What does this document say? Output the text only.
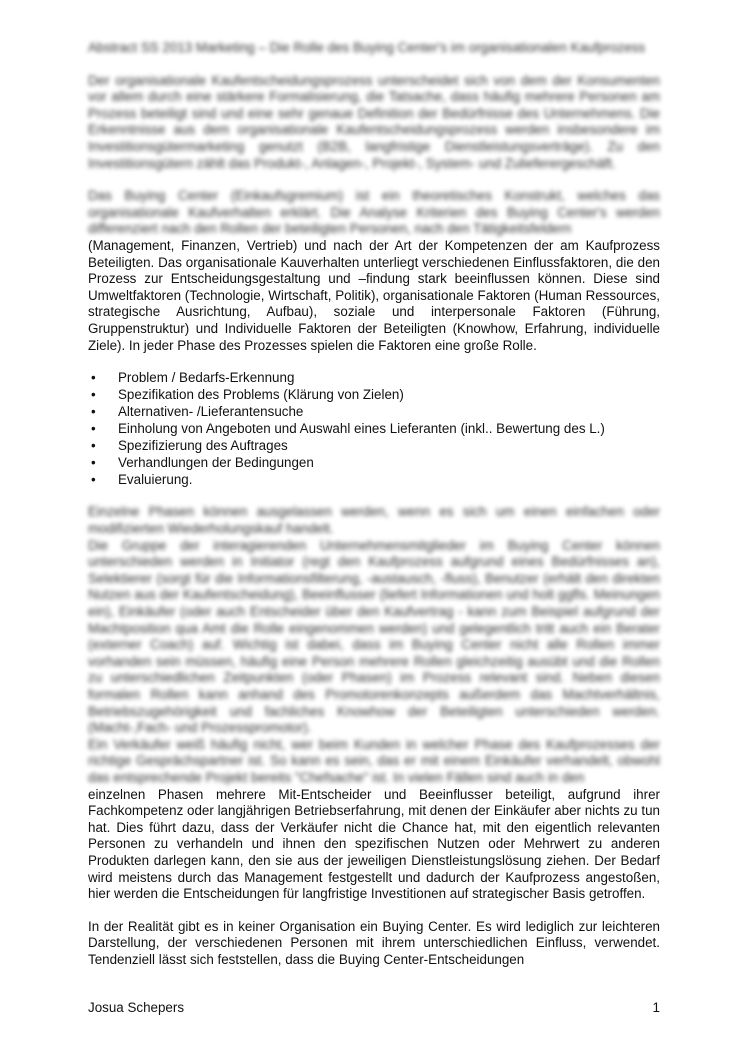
Abstract SS 2013 Marketing – Die Rolle des Buying Center's im organisationalen Kaufprozess

Der organisationale Kaufentscheidungsprozess unterscheidet sich von dem der Konsumenten vor allem durch eine stärkere Formalisierung, die Tatsache, dass häufig mehrere Personen am Prozess beteiligt sind und eine sehr genaue Definition der Bedürfnisse des Unternehmens. Die Erkenntnisse aus dem organisationale Kaufentscheidungsprozess werden insbesondere im Investitionsgütermarketing genutzt (B2B, langfristige Dienstleistungsverträge). Zu den Investitionsgütern zählt das Produkt-, Anlagen-, Projekt-, System- und Zulieferergeschäft.

Das Buying Center (Einkaufsgremium) ist ein theoretisches Konstrukt, welches das organisationale Kaufverhalten erklärt. Die Analyse Kriterien des Buying Center's werden differenziert nach den Rollen der beteiligten Personen, nach den Tätigkeitsfeldern

(Management, Finanzen, Vertrieb) und nach der Art der Kompetenzen der am Kaufprozess Beteiligten. Das organisationale Kauverhalten unterliegt verschiedenen Einflussfaktoren, die den Prozess zur Entscheidungsgestaltung und –findung stark beeinflussen können. Diese sind Umweltfaktoren (Technologie, Wirtschaft, Politik), organisationale Faktoren (Human Ressources, strategische Ausrichtung, Aufbau), soziale und interpersonale Faktoren (Führung, Gruppenstruktur) und Individuelle Faktoren der Beteiligten (Knowhow, Erfahrung, individuelle Ziele). In jeder Phase des Prozesses spielen die Faktoren eine große Rolle.

• Problem / Bedarfs-Erkennung
• Spezifikation des Problems (Klärung von Zielen)
• Alternativen- /Lieferantensuche
• Einholung von Angeboten und Auswahl eines Lieferanten (inkl.. Bewertung des L.)
• Spezifizierung des Auftrages
• Verhandlungen der Bedingungen
• Evaluierung.

Einzelne Phasen können ausgelassen werden, wenn es sich um einen einfachen oder modifizierten Wiederholungskauf handelt.

Die Gruppe der interagierenden Unternehmensmitglieder im Buying Center können unterschieden werden in Initiator (regt den Kaufprozess aufgrund eines Bedürfnisses an), Selektierer (sorgt für die Informationsfilterung, -austausch, -fluss), Benutzer (erhält den direkten Nutzen aus der Kaufentscheidung), Beeinflusser (liefert Informationen und holt ggfls. Meinungen ein), Einkäufer (oder auch Entscheider über den Kaufvertrag - kann zum Beispiel aufgrund der Machtposition qua Amt die Rolle eingenommen werden) und gelegentlich tritt auch ein Berater (externer Coach) auf. Wichtig ist dabei, dass im Buying Center nicht alle Rollen immer vorhanden sein müssen, häufig eine Person mehrere Rollen gleichzeitig ausübt und die Rollen zu unterschiedlichen Zeitpunkten (oder Phasen) im Prozess relevant sind. Neben diesen formalen Rollen kann anhand des Promotorenkonzepts außerdem das Machtverhältnis, Betriebszugehörigkeit und fachliches Knowhow der Beteiligten unterschieden werden. (Macht-,Fach- und Prozesspromotor).

Ein Verkäufer weiß häufig nicht, wer beim Kunden in welcher Phase des Kaufprozesses der richtige Gesprächspartner ist. So kann es sein, das er mit einem Einkäufer verhandelt, obwohl das entsprechende Projekt bereits "Chefsache" ist. In vielen Fällen sind auch in den

einzelnen Phasen mehrere Mit-Entscheider und Beeinflusser beteiligt, aufgrund ihrer Fachkompetenz oder langjährigen Betriebserfahrung, mit denen der Einkäufer aber nichts zu tun hat. Dies führt dazu, dass der Verkäufer nicht die Chance hat, mit den eigentlich relevanten Personen zu verhandeln und ihnen den spezifischen Nutzen oder Mehrwert zu anderen Produkten darlegen kann, den sie aus der jeweiligen Dienstleistungslösung ziehen. Der Bedarf wird meistens durch das Management festgestellt und dadurch der Kaufprozess angestoßen, hier werden die Entscheidungen für langfristige Investitionen auf strategischer Basis getroffen.

In der Realität gibt es in keiner Organisation ein Buying Center. Es wird lediglich zur leichteren Darstellung, der verschiedenen Personen mit ihrem unterschiedlichen Einfluss, verwendet. Tendenziell lässt sich feststellen, dass die Buying Center-Entscheidungen

Josua Schepers	1
